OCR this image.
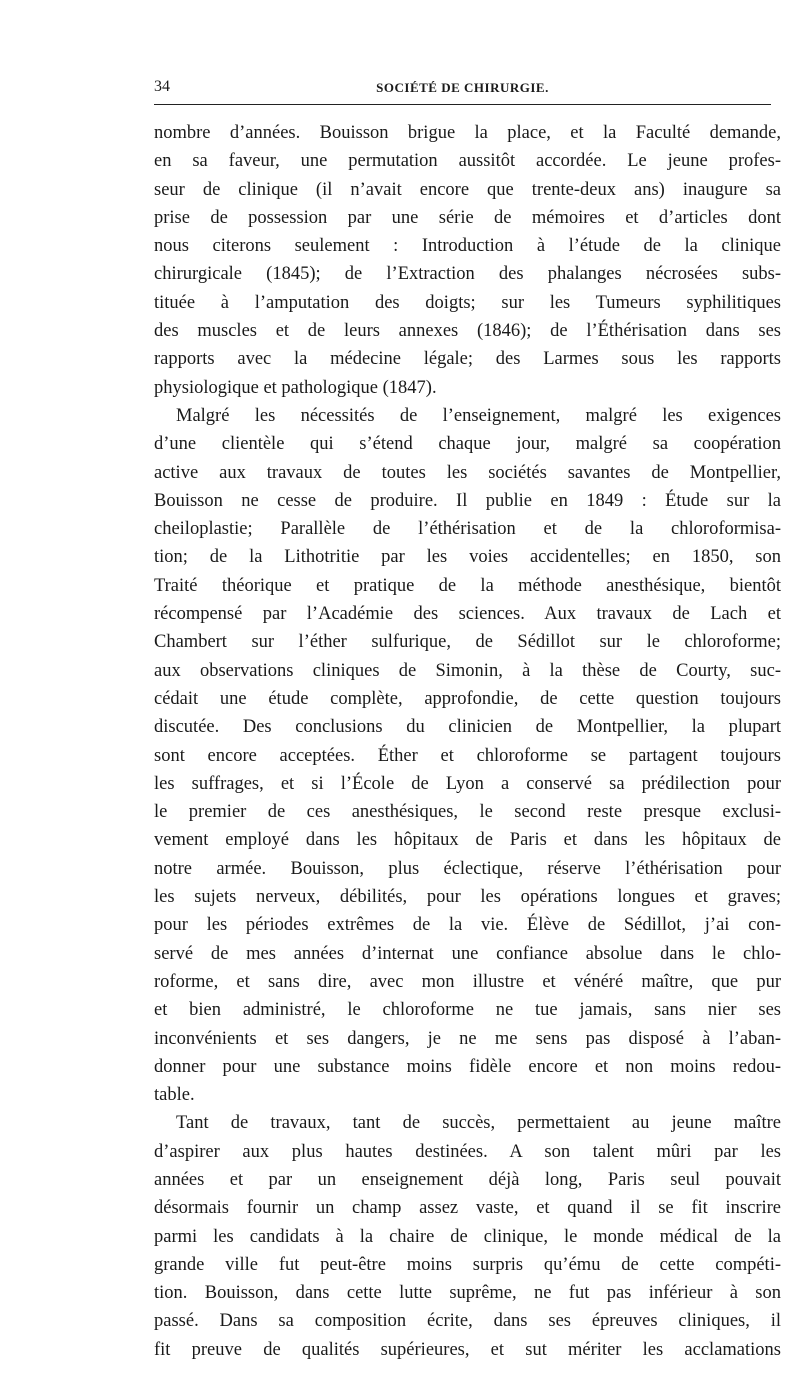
34	SOCIÉTÉ DE CHIRURGIE.
nombre d’années. Bouisson brigue la place, et la Faculté demande,
en sa faveur, une permutation aussitôt accordée. Le jeune profes-
seur de clinique (il n’avait encore que trente-deux ans) inaugure sa
prise de possession par une série de mémoires et d’articles dont
nous citerons seulement : Introduction à l’étude de la clinique
chirurgicale (1845); de l’Extraction des phalanges nécrosées subs-
tituée à l’amputation des doigts; sur les Tumeurs syphilitiques
des muscles et de leurs annexes (1846); de l’Éthérisation dans ses
rapports avec la médecine légale; des Larmes sous les rapports
physiologique et pathologique (1847).
Malgré les nécessités de l’enseignement, malgré les exigences
d’une clientèle qui s’étend chaque jour, malgré sa coopération
active aux travaux de toutes les sociétés savantes de Montpellier,
Bouisson ne cesse de produire. Il publie en 1849 : Étude sur la
cheiloplastie; Parallèle de l’éthérisation et de la chloroformisa-
tion; de la Lithotritie par les voies accidentelles; en 1850, son
Traité théorique et pratique de la méthode anesthésique, bientôt
récompensé par l’Académie des sciences. Aux travaux de Lach et
Chambert sur l’éther sulfurique, de Sédillot sur le chloroforme;
aux observations cliniques de Simonin, à la thèse de Courty, suc-
cédait une étude complète, approfondie, de cette question toujours
discutée. Des conclusions du clinicien de Montpellier, la plupart
sont encore acceptées. Éther et chloroforme se partagent toujours
les suffrages, et si l’École de Lyon a conservé sa prédilection pour
le premier de ces anesthésiques, le second reste presque exclusi-
vement employé dans les hôpitaux de Paris et dans les hôpitaux de
notre armée. Bouisson, plus éclectique, réserve l’éthérisation pour
les sujets nerveux, débilités, pour les opérations longues et graves;
pour les périodes extrêmes de la vie. Élève de Sédillot, j’ai con-
servé de mes années d’internat une confiance absolue dans le chlo-
roforme, et sans dire, avec mon illustre et vénéré maître, que pur
et bien administré, le chloroforme ne tue jamais, sans nier ses
inconvénients et ses dangers, je ne me sens pas disposé à l’aban-
donner pour une substance moins fidèle encore et non moins redou-
table.
Tant de travaux, tant de succès, permettaient au jeune maître
d’aspirer aux plus hautes destinées. A son talent mûri par les
années et par un enseignement déjà long, Paris seul pouvait
désormais fournir un champ assez vaste, et quand il se fit inscrire
parmi les candidats à la chaire de clinique, le monde médical de la
grande ville fut peut-être moins surpris qu’ému de cette compéti-
tion. Bouisson, dans cette lutte suprême, ne fut pas inférieur à son
passé. Dans sa composition écrite, dans ses épreuves cliniques, il
fit preuve de qualités supérieures, et sut mériter les acclamations
